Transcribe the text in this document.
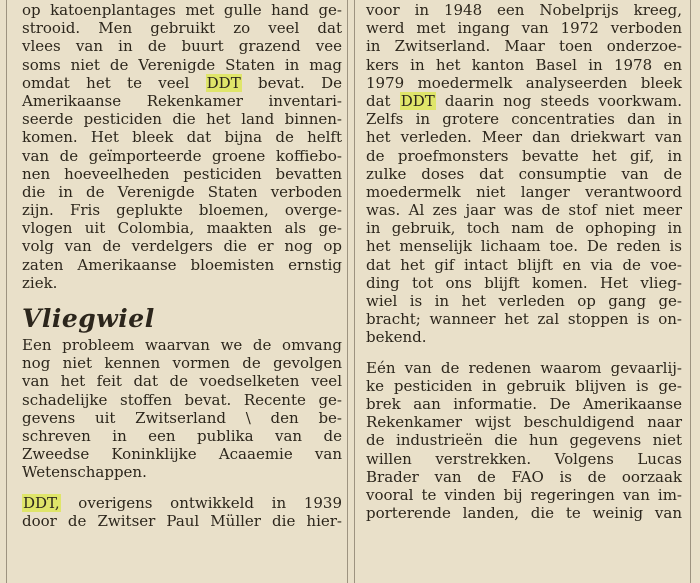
op katoenplantages met gulle hand ge-
strooid. Men gebruikt zo veel dat
vlees van in de buurt grazend vee
soms niet de Verenigde Staten in mag
omdat het te veel DDT bevat. De
Amerikaanse Rekenkamer inventari-
seerde pesticiden die het land binnen-
komen. Het bleek dat bijna de helft
van de geïmporteerde groene koffiebo-
nen hoeveelheden pesticiden bevatten
die in de Verenigde Staten verboden
zijn. Fris geplukte bloemen, overge-
vlogen uit Colombia, maakten als ge-
volg van de verdelgers die er nog op
zaten Amerikaanse bloemisten ernstig
ziek.
Vliegwiel
Een probleem waarvan we de omvang
nog niet kennen vormen de gevolgen
van het feit dat de voedselketen veel
schadelijke stoffen bevat. Recente ge-
gevens uit Zwitserland \ den be-
schreven in een publika van de
Zweedse Koninklijke Acaaemie van
Wetenschappen.
DDT, overigens ontwikkeld in 1939
door de Zwitser Paul Müller die hier-
voor in 1948 een Nobelprijs kreeg,
werd met ingang van 1972 verboden
in Zwitserland. Maar toen onderzoe-
kers in het kanton Basel in 1978 en
1979 moedermelk analyseerden bleek
dat DDT daarin nog steeds voorkwam.
Zelfs in grotere concentraties dan in
het verleden. Meer dan driekwart van
de proefmonsters bevatte het gif, in
zulke doses dat consumptie van de
moedermelk niet langer verantwoord
was. Al zes jaar was de stof niet meer
in gebruik, toch nam de ophoping in
het menselijk lichaam toe. De reden is
dat het gif intact blijft en via de voe-
ding tot ons blijft komen. Het vlieg-
wiel is in het verleden op gang ge-
bracht; wanneer het zal stoppen is on-
bekend.
Eén van de redenen waarom gevaarlij-
ke pesticiden in gebruik blijven is ge-
brek aan informatie. De Amerikaanse
Rekenkamer wijst beschuldigend naar
de industrieën die hun gegevens niet
willen verstrekken. Volgens Lucas
Brader van de FAO is de oorzaak
vooral te vinden bij regeringen van im-
porterende landen, die te weinig van
